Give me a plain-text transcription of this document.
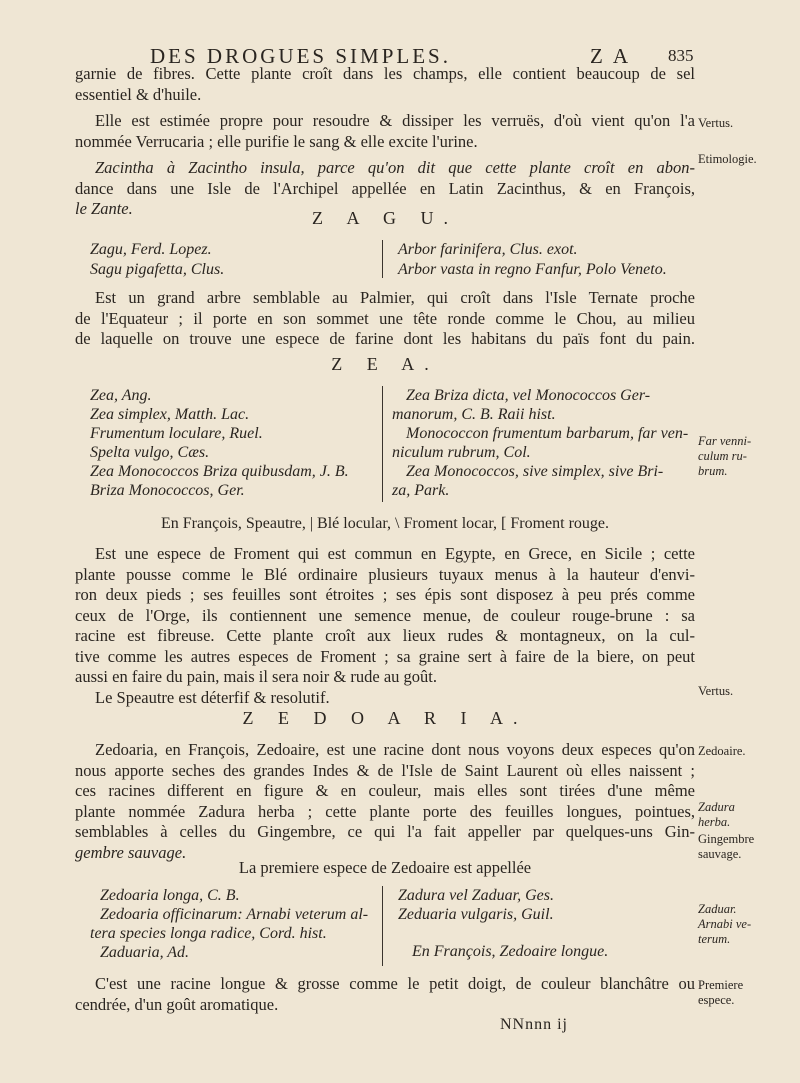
DES DROGUES SIMPLES.	Z A 835
garnie de fibres. Cette plante croît dans les champs, elle contient beaucoup de sel
essentiel & d'huile.
Elle est estimée propre pour resoudre & dissiper les verruës, d'où vient qu'on l'a
nommée Verrucaria ; elle purifie le sang & elle excite l'urine.
Zacintha à Zacintho insula, parce qu'on dit que cette plante croît en abon-
dance dans une Isle de l'Archipel appellée en Latin Zacinthus, & en François,
le Zante.
Vertus.
Etimologie.
Z A G U.
Zagu, Ferd. Lopez.
Sagu pigafetta, Clus.
Arbor farinifera, Clus. exot.
Arbor vasta in regno Fanfur, Polo Veneto.
Est un grand arbre semblable au Palmier, qui croît dans l'Isle Ternate proche
de l'Equateur ; il porte en son sommet une tête ronde comme le Chou, au milieu
de laquelle on trouve une espece de farine dont les habitans du païs font du pain.
Z E A.
Zea, Ang.
Zea simplex, Matth. Lac.
Frumentum loculare, Ruel.
Spelta vulgo, Cæs.
Zea Monococcos Briza quibusdam, J. B.
Briza Monococcos, Ger.
Zea Briza dicta, vel Monococcos Ger-
manorum, C. B. Raii hist.
Monococcon frumentum barbarum, far ven-
niculum rubrum, Col.
Zea Monococcos, sive simplex, sive Bri-
za, Park.
Far venni-
culum ru-
brum.
En François, Speautre, | Blé locular, \ Froment locar, [ Froment rouge.
Est une espece de Froment qui est commun en Egypte, en Grece, en Sicile ; cette
plante pousse comme le Blé ordinaire plusieurs tuyaux menus à la hauteur d'envi-
ron deux pieds ; ses feuilles sont étroites ; ses épis sont disposez à peu prés comme
ceux de l'Orge, ils contiennent une semence menue, de couleur rouge-brune : sa
racine est fibreuse. Cette plante croît aux lieux rudes & montagneux, on la cul-
tive comme les autres especes de Froment ; sa graine sert à faire de la biere, on peut
aussi en faire du pain, mais il sera noir & rude au goût.
Le Speautre est déterfif & resolutif.	Vertus.
Z E D O A R I A.
Zedoaria, en François, Zedoaire, est une racine dont nous voyons deux especes qu'on
nous apporte seches des grandes Indes & de l'Isle de Saint Laurent où elles naissent ;
ces racines different en figure & en couleur, mais elles sont tirées d'une même
plante nommée Zadura herba ; cette plante porte des feuilles longues, pointues,
semblables à celles du Gingembre, ce qui l'a fait appeller par quelques-uns Gin-
gembre sauvage.
La premiere espece de Zedoaire est appellée
Zedoaire.
Zadura
herba.
Gingembre
sauvage.
Zedoaria longa, C. B.
Zedoaria officinarum: Arnabi veterum al-
tera species longa radice, Cord. hist.
Zaduaria, Ad.
Zadura vel Zaduar, Ges.
Zeduaria vulgaris, Guil.
En François, Zedoaire longue.
Zaduar.
Arnabi ve-
terum.
C'est une racine longue & grosse comme le petit doigt, de couleur blanchâtre ou
cendrée, d'un goût aromatique.
Premiere
espece.
NNnnn ij
